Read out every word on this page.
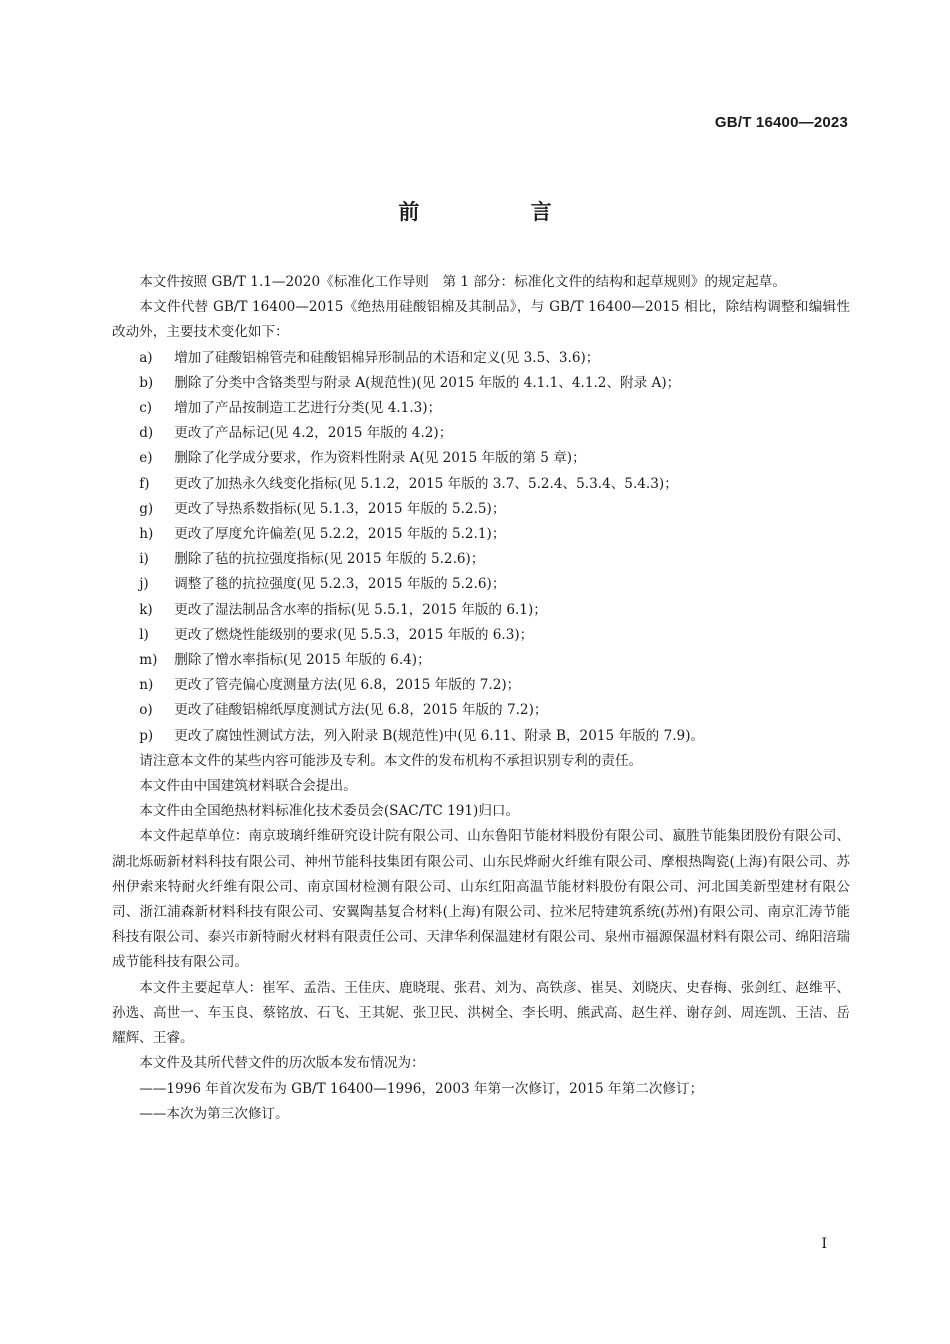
GB/T 16400—2023
前 言

本文件按照 GB/T 1.1—2020《标准化工作导则　第 1 部分：标准化文件的结构和起草规则》的规定起草。

本文件代替 GB/T 16400—2015《绝热用硅酸铝棉及其制品》，与 GB/T 16400—2015 相比，除结构调整和编辑性改动外，主要技术变化如下：

a) 增加了硅酸铝棉管壳和硅酸铝棉异形制品的术语和定义(见 3.5、3.6)；

b) 删除了分类中含铬类型与附录 A(规范性)(见 2015 年版的 4.1.1、4.1.2、附录 A)；

c) 增加了产品按制造工艺进行分类(见 4.1.3)；

d) 更改了产品标记(见 4.2，2015 年版的 4.2)；

e) 删除了化学成分要求，作为资料性附录 A(见 2015 年版的第 5 章)；

f) 更改了加热永久线变化指标(见 5.1.2，2015 年版的 3.7、5.2.4、5.3.4、5.4.3)；

g) 更改了导热系数指标(见 5.1.3，2015 年版的 5.2.5)；

h) 更改了厚度允许偏差(见 5.2.2，2015 年版的 5.2.1)；

i) 删除了毡的抗拉强度指标(见 2015 年版的 5.2.6)；

j) 调整了毯的抗拉强度(见 5.2.3，2015 年版的 5.2.6)；

k) 更改了湿法制品含水率的指标(见 5.5.1，2015 年版的 6.1)；

l) 更改了燃烧性能级别的要求(见 5.5.3，2015 年版的 6.3)；

m) 删除了憎水率指标(见 2015 年版的 6.4)；

n) 更改了管壳偏心度测量方法(见 6.8，2015 年版的 7.2)；

o) 更改了硅酸铝棉纸厚度测试方法(见 6.8，2015 年版的 7.2)；

p) 更改了腐蚀性测试方法，列入附录 B(规范性)中(见 6.11、附录 B，2015 年版的 7.9)。

请注意本文件的某些内容可能涉及专利。本文件的发布机构不承担识别专利的责任。

本文件由中国建筑材料联合会提出。

本文件由全国绝热材料标准化技术委员会(SAC/TC 191)归口。

本文件起草单位：南京玻璃纤维研究设计院有限公司、山东鲁阳节能材料股份有限公司、嬴胜节能集团股份有限公司、湖北烁砺新材料科技有限公司、神州节能科技集团有限公司、山东民烨耐火纤维有限公司、摩根热陶瓷(上海)有限公司、苏州伊索来特耐火纤维有限公司、南京国材检测有限公司、山东红阳高温节能材料股份有限公司、河北国美新型建材有限公司、浙江浦森新材料科技有限公司、安翼陶基复合材料(上海)有限公司、拉米尼特建筑系统(苏州)有限公司、南京汇涛节能科技有限公司、泰兴市新特耐火材料有限责任公司、天津华利保温建材有限公司、泉州市福源保温材料有限公司、绵阳涪瑞成节能科技有限公司。

本文件主要起草人：崔军、孟浩、王佳庆、鹿晓琨、张君、刘为、高铁彦、崔昊、刘晓庆、史春梅、张剑红、赵维平、孙选、高世一、车玉良、蔡铭放、石飞、王其妮、张卫民、洪树全、李长明、熊武高、赵生祥、谢存剑、周连凯、王洁、岳耀辉、王睿。

本文件及其所代替文件的历次版本发布情况为：

——1996 年首次发布为 GB/T 16400—1996，2003 年第一次修订，2015 年第二次修订；

——本次为第三次修订。

I
